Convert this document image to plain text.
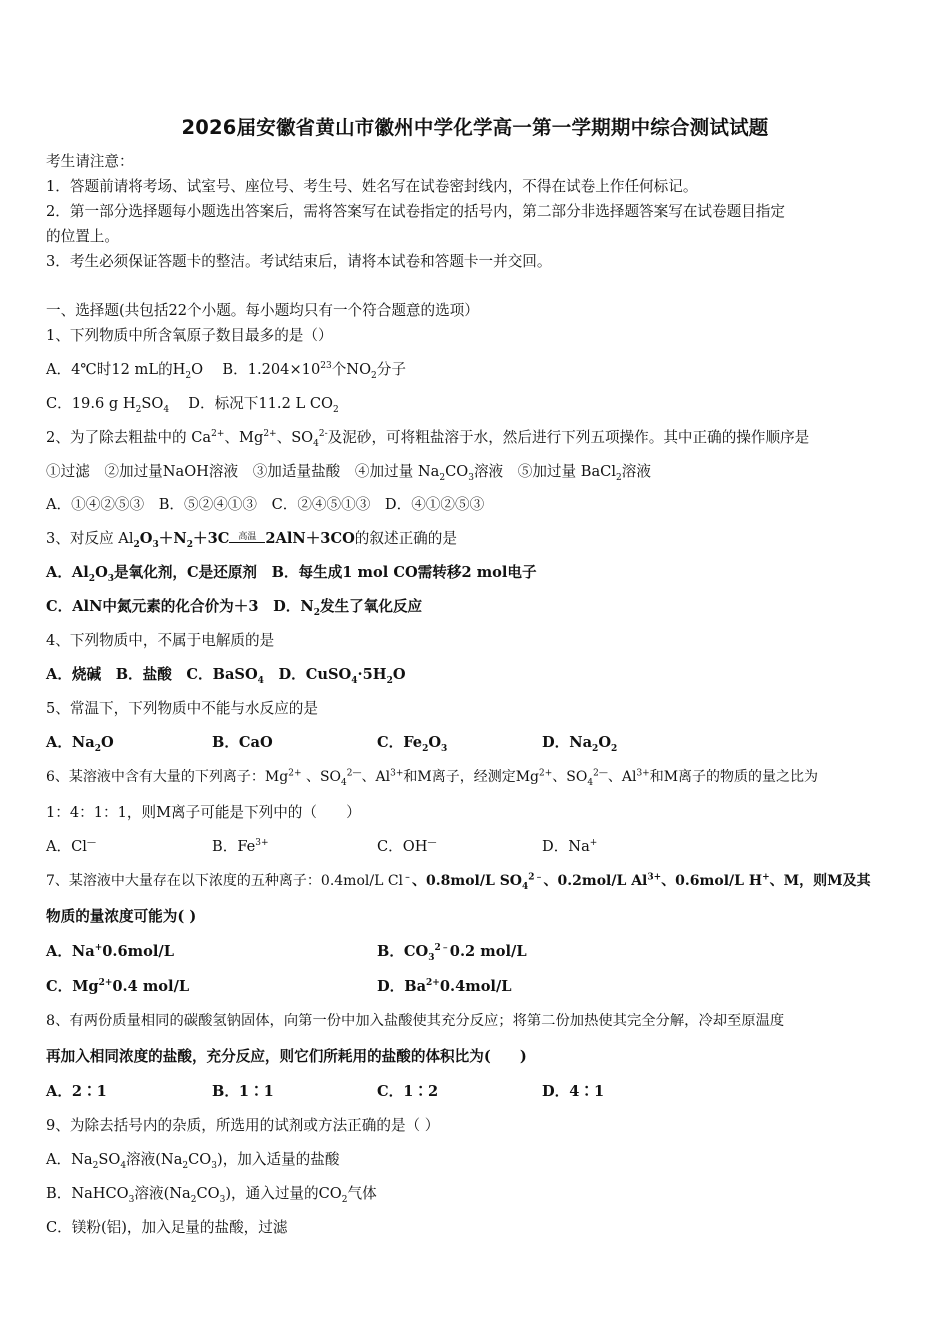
2026届安徽省黄山市徽州中学化学高一第一学期期中综合测试试题
考生请注意：
1．答题前请将考场、试室号、座位号、考生号、姓名写在试卷密封线内，不得在试卷上作任何标记。
2．第一部分选择题每小题选出答案后，需将答案写在试卷指定的括号内，第二部分非选择题答案写在试卷题目指定
的位置上。
3．考生必须保证答题卡的整洁。考试结束后，请将本试卷和答题卡一并交回。
一、选择题(共包括22个小题。每小题均只有一个符合题意的选项）
1、下列物质中所含氧原子数目最多的是（）
A．4℃时12 mL的$H_2O$　 B．$1.204\times 10^{23}$个$NO_2$分子
C．19.6 g $H_2SO_4$　 D．标况下11.2 L $CO_2$
2、为了除去粗盐中的 $Ca^{2+}$、$Mg^{2+}$、$SO_4^{2-}$及泥砂，可将粗盐溶于水，然后进行下列五项操作。其中正确的操作顺序是
①过滤　②加过量NaOH溶液　③加适量盐酸　④加过量 $Na_2CO_3$溶液　⑤加过量 BaCl$_2$溶液
A．①④②⑤③　B．⑤②④①③　C．②④⑤①③　D．④①②⑤③
3、对反应 $Al_2O_3+N_2+3C$ 高温 2AlN＋3CO的叙述正确的是
A．$Al_2O_3$是氧化剂，C是还原剂　B．每生成1 mol CO需转移2 mol电子
C．AlN中氮元素的化合价为＋3　D．$N_2$发生了氧化反应
4、下列物质中，不属于电解质的是
A．烧碱　B．盐酸　C．BaSO$_4$　D．$CuSO_4\cdot 5H_2O$
5、常温下，下列物质中不能与水反应的是
A．$Na_2O$	B．CaO	C．$Fe_2O_3$	D．$Na_2O_2$
6、某溶液中含有大量的下列离子：$Mg^{2+}$ 、$SO_4^{2—}$、$Al^{3+}$和M离子，经测定$Mg^{2+}$、$SO_4^{2—}$、$Al^{3+}$和M离子的物质的量之比为
1：4：1：1，则M离子可能是下列中的（　　）
A．Cl—	B．$Fe^{3+}$	C．OH—	D．Na+
7、某溶液中大量存在以下浓度的五种离子：0.4mol/L Cl﹣、0.8mol/L $SO_4^{2﹣}$、0.2mol/L $Al^{3+}$、0.6mol/L H+、M，则M及其
物质的量浓度可能为( )
A．Na+0.6mol/L	B．$CO_3^{2﹣}0.2$ mol/L
C．$Mg^{2+}0.4$ mol/L	D．$Ba^{2+}0.4mol/L$
8、有两份质量相同的碳酸氢钠固体，向第一份中加入盐酸使其充分反应；将第二份加热使其完全分解，冷却至原温度
再加入相同浓度的盐酸，充分反应，则它们所耗用的盐酸的体积比为(　　)
A．2∶1	B．1∶1	C．1∶2	D．4∶1
9、为除去括号内的杂质，所选用的试剂或方法正确的是（ ）
A．$Na_2SO_4$溶液$(Na_2CO_3)$，加入适量的盐酸
B．NaHCO$_3$溶液$(Na_2CO_3)$，通入过量的$CO_2$气体
C．镁粉(铝)，加入足量的盐酸，过滤
